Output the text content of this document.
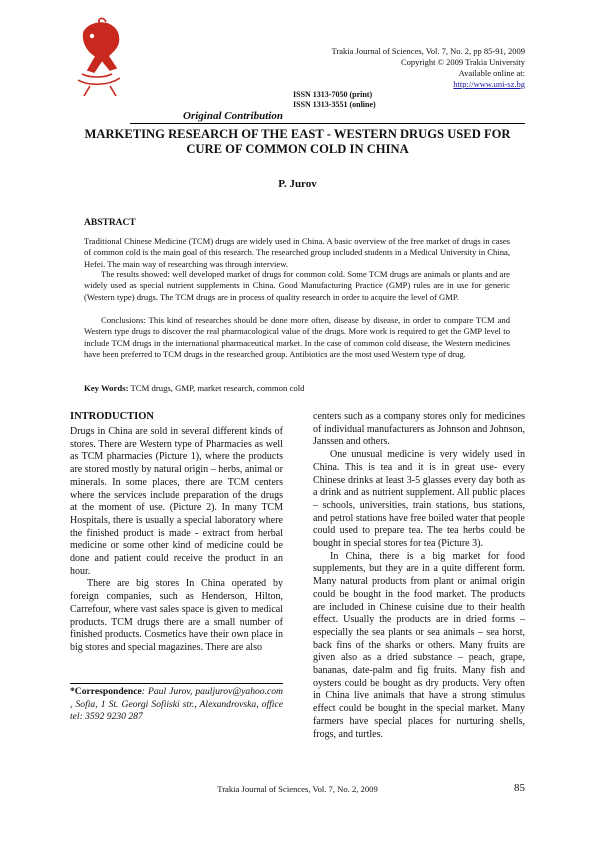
Trakia Journal of Sciences, Vol. 7, No. 2, pp 85-91, 2009
Copyright © 2009 Trakia University
Available online at:
http://www.uni-sz.bg
ISSN 1313-7050 (print)
ISSN 1313-3551 (online)
Original Contribution
MARKETING RESEARCH OF THE EAST - WESTERN DRUGS USED FOR CURE OF COMMON COLD IN CHINA
P. Jurov
ABSTRACT
Traditional Chinese Medicine (TCM) drugs are widely used in China. A basic overview of the free market of drugs in cases of common cold is the main goal of this research. The researched group included students in a Medical University in China, Hefei. The main way of researching was through interview.
The results showed: well developed market of drugs for common cold. Some TCM drugs are animals or plants and are widely used as special nutrient supplements in China. Good Manufacturing Practice (GMP) rules are in use for generic (Western type) drugs. The TCM drugs are in process of quality research in order to acquire the level of GMP.
Conclusions: This kind of researches should be done more often, disease by disease, in order to compare TCM and Western type drugs to discover the real pharmacological value of the drugs. More work is required to get the GMP level to include TCM drugs in the international pharmaceutical market. In the case of common cold disease, the Western medicines have been preferred to TCM drugs in the researched group. Antibiotics are the most used Western type of drug.
Key Words: TCM drugs, GMP, market research, common cold
INTRODUCTION

Drugs in China are sold in several different kinds of stores. There are Western type of Pharmacies as well as TCM pharmacies (Picture 1), where the products are stored mostly by natural origin – herbs, animal or minerals. In some places, there are TCM centers where the services include preparation of the drugs at the moment of use. (Picture 2). In many TCM Hospitals, there is usually a special laboratory where the finished product is made - extract from herbal medicine or some other kind of medicine could be done and patient could receive the product in an hour.

There are big stores In China operated by foreign companies, such as Henderson, Hilton, Carrefour, where vast sales space is given to medical products. TCM drugs there are a small number of finished products. Cosmetics have their own place in big stores and special magazines. There are also

*Correspondence: Paul Jurov, pauljurov@yahoo.com , Sofia, 1 St. Georgi Sofiiski str., Alexandrovska, office tel: 3592 9230 287

centers such as a company stores only for medicines of individual manufacturers as Johnson and Johnson, Janssen and others.

One unusual medicine is very widely used in China. This is tea and it is in great use- every Chinese drinks at least 3-5 glasses every day both as a drink and as nutrient supplement. All public places – schools, universities, train stations, bus stations, and petrol stations have free boiled water that people could used to prepare tea. The tea herbs could be bought in special stores for tea (Picture 3).

In China, there is a big market for food supplements, but they are in a quite different form. Many natural products from plant or animal origin could be bought in the food market. The products are included in Chinese cuisine due to their health effect. Usually the products are in dried forms – especially the sea plants or sea animals – sea horst, back fins of the sharks or others. Many fruits are given also as a dried substance – peach, grape, bananas, date-palm and fig fruits. Many fish and oysters could be bought as dry products. Very often in China live animals that have a strong stimulus effect could be bought in the special market. Many farmers have special places for nurturing shells, frogs, and turtles.

Trakia Journal of Sciences, Vol. 7, No. 2, 2009	85
